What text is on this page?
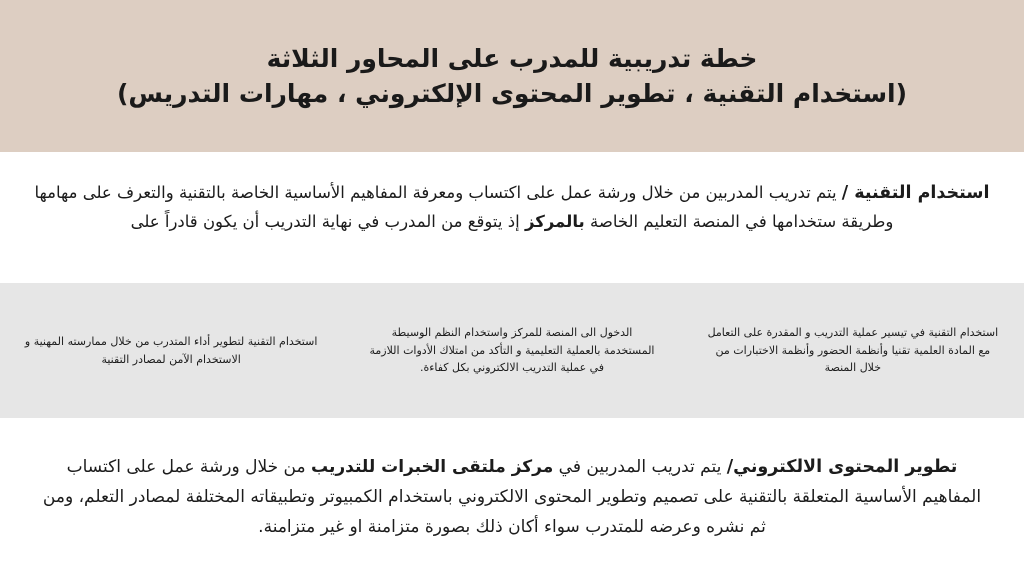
خطة تدريبية للمدرب على المحاور الثلاثة
(استخدام التقنية ، تطوير المحتوى الإلكتروني ، مهارات التدريس)
استخدام التقنية / يتم تدريب المدربين من خلال ورشة عمل على اكتساب ومعرفة المفاهيم الأساسية الخاصة بالتقنية والتعرف على مهامها وطريقة ستخدامها في المنصة التعليم الخاصة بالمركز إذ يتوقع من المدرب في نهاية التدريب أن يكون قادراً على
استخدام التقنية في تيسير عملية التدريب و المقدرة على التعامل مع المادة العلمية تقنيا وأنظمة الحضور وأنظمة الاختبارات من خلال المنصة
الدخول الى المنصة للمركز واستخدام النظم الوسيطة المستخدمة بالعملية التعليمية و التأكد من امتلاك الأدوات اللازمة في عملية التدريب الالكتروني بكل كفاءة.
استخدام التقنية لتطوير أداء المتدرب من خلال ممارسته المهنية و الاستخدام الآمن لمصادر التقنية
تطوير المحتوى الالكتروني/ يتم تدريب المدربين في مركز ملتقى الخبرات للتدريب من خلال ورشة عمل على اكتساب المفاهيم الأساسية المتعلقة بالتقنية على تصميم وتطوير المحتوى الالكتروني باستخدام الكمبيوتر وتطبيقاته المختلفة لمصادر التعلم، ومن ثم نشره وعرضه للمتدرب سواء أكان ذلك بصورة متزامنة او غير متزامنة.
